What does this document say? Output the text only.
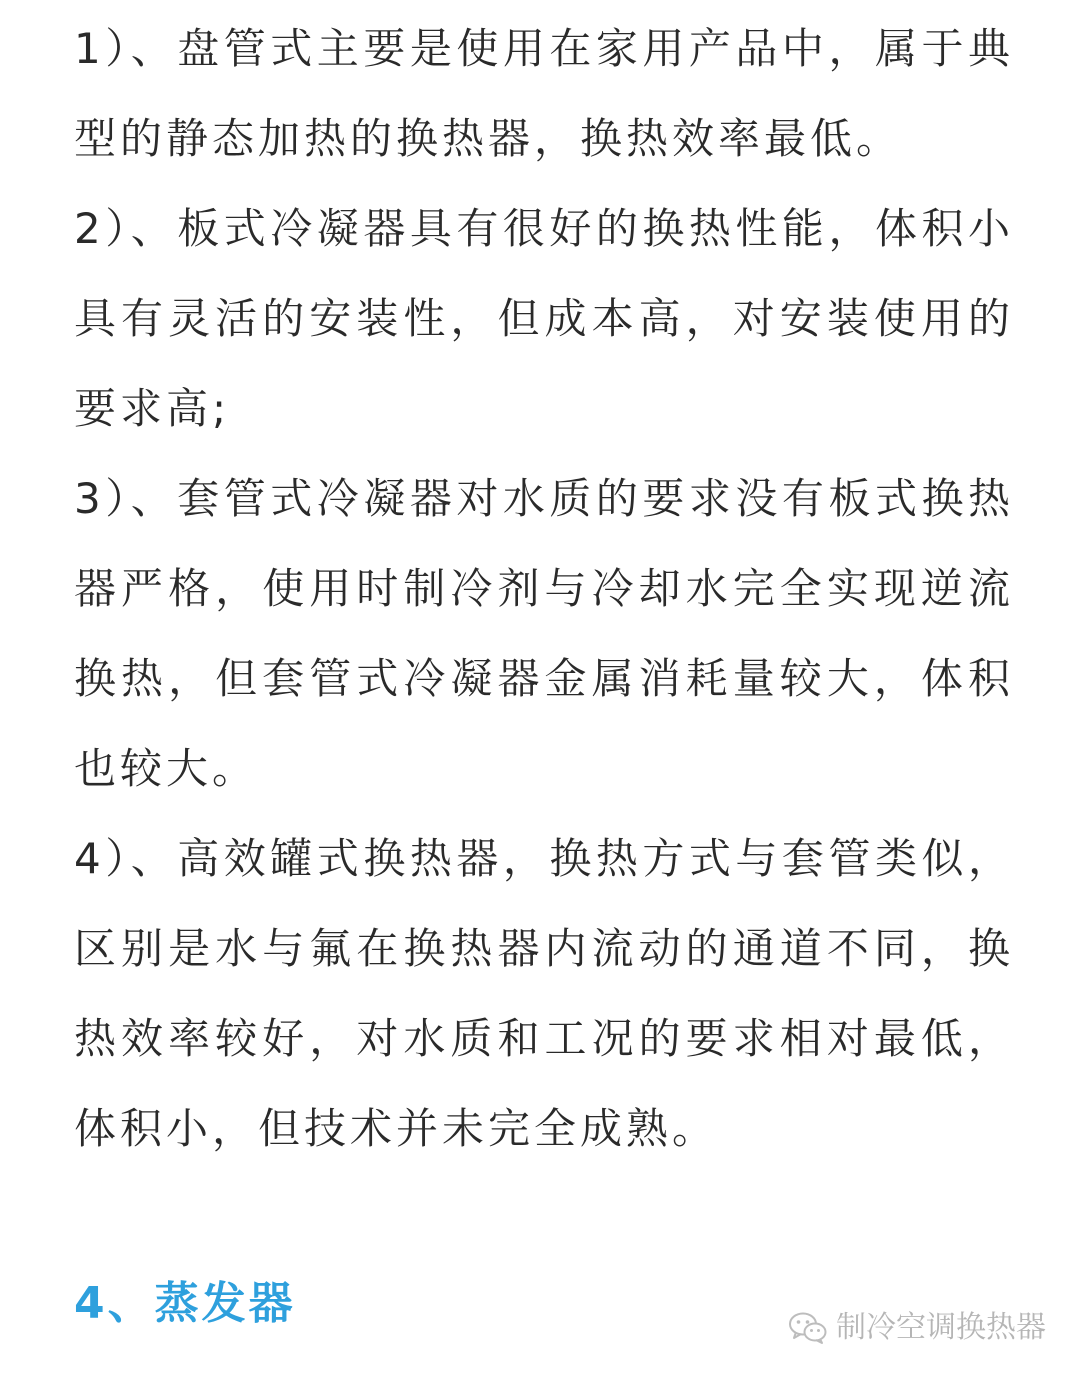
1）、盘管式主要是使用在家用产品中，属于典型的静态加热的换热器，换热效率最低。

2）、板式冷凝器具有很好的换热性能，体积小具有灵活的安装性，但成本高，对安装使用的要求高;

3）、套管式冷凝器对水质的要求没有板式换热器严格，使用时制冷剂与冷却水完全实现逆流换热，但套管式冷凝器金属消耗量较大，体积也较大。

4）、高效罐式换热器，换热方式与套管类似，区别是水与氟在换热器内流动的通道不同，换热效率较好，对水质和工况的要求相对最低，体积小，但技术并未完全成熟。

4、蒸发器	制冷空调换热器
